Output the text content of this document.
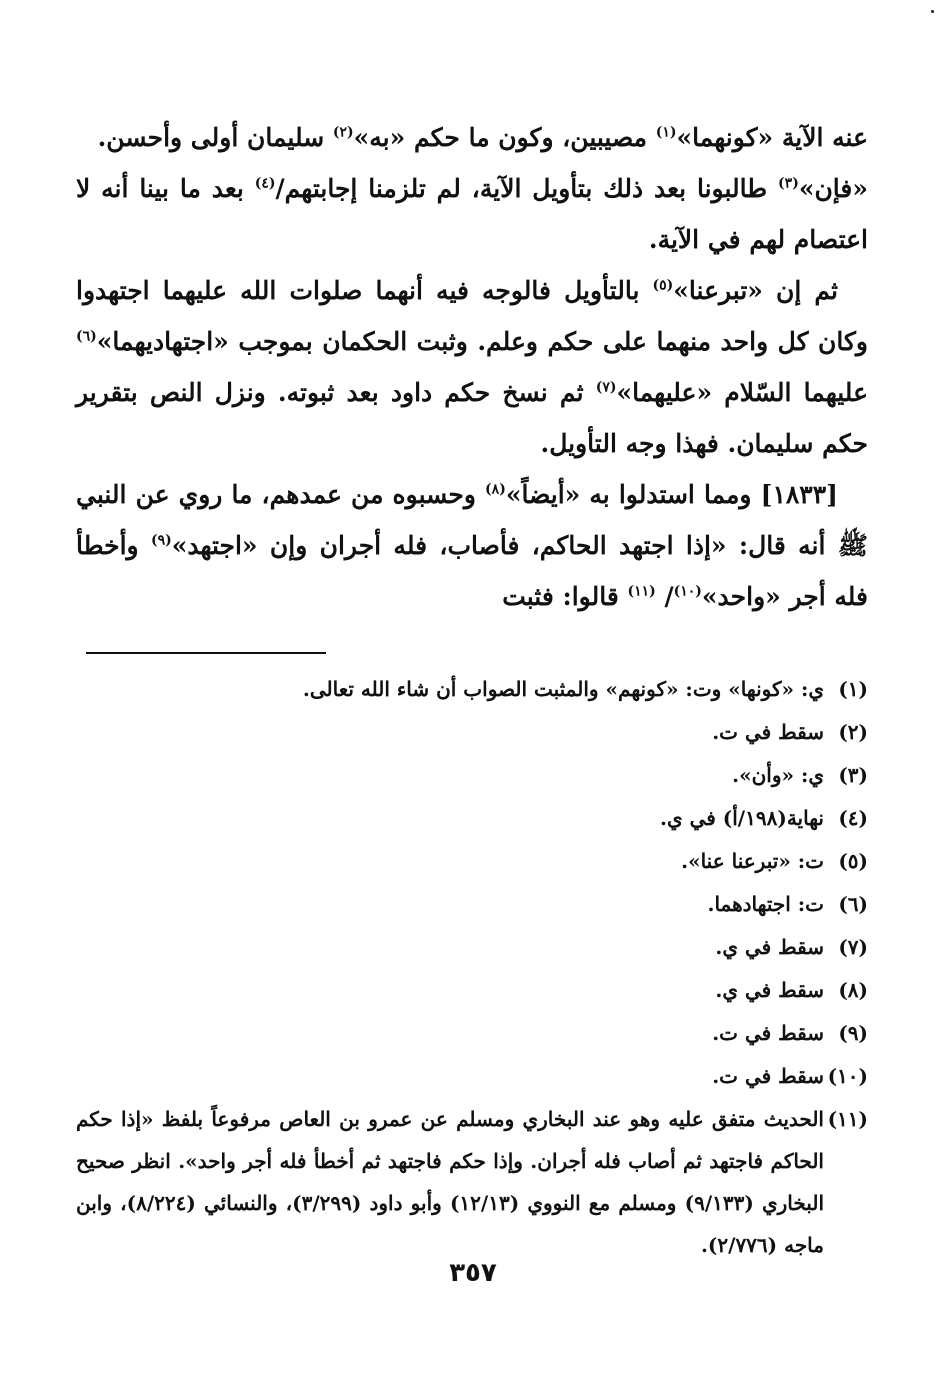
عنه الآية «كونهما»$^{(١)}$ مصيبين، وكون ما حكم «به»$^{(٢)}$ سليمان أولى وأحسن.

«فإن»$^{(٣)}$ طالبونا بعد ذلك بتأويل الآية، لم تلزمنا إجابتهم/$^{(٤)}$ بعد ما بينا أنه لا اعتصام لهم في الآية.

ثم إن «تبرعنا»$^{(٥)}$ بالتأويل فالوجه فيه أنهما صلوات الله عليهما اجتهدوا وكان كل واحد منهما على حكم وعلم. وثبت الحكمان بموجب «اجتهاديهما»$^{(٦)}$ عليهما السّلام «عليهما»$^{(٧)}$ ثم نسخ حكم داود بعد ثبوته. ونزل النص بتقرير حكم سليمان. فهذا وجه التأويل.

[١٨٣٣] ومما استدلوا به «أيضاً»$^{(٨)}$ وحسبوه من عمدهم، ما روي عن النبي ﷺ أنه قال: «إذا اجتهد الحاكم، فأصاب، فله أجران وإن «اجتهد»$^{(٩)}$ وأخطأ فله أجر «واحد»$^{(١٠)}$/ $^{(١١)}$ قالوا: فثبت

(١)
ي: «كونها» وت: «كونهم» والمثبت الصواب أن شاء الله تعالى.
(٢)
سقط في ت.
(٣)
ي: «وأن».
(٤)
نهاية(١٩٨/أ) في ي.
(٥)
ت: «تبرعنا عنا».
(٦)
ت: اجتهادهما.
(٧)
سقط في ي.
(٨)
سقط في ي.
(٩)
سقط في ت.
(١٠)
سقط في ت.
(١١)
الحديث متفق عليه وهو عند البخاري ومسلم عن عمرو بن العاص مرفوعاً بلفظ «إذا حكم الحاكم فاجتهد ثم أصاب فله أجران. وإذا حكم فاجتهد ثم أخطأ فله أجر واحد». انظر صحيح البخاري (٩/١٣٣) ومسلم مع النووي (١٢/١٣) وأبو داود (٣/٢٩٩)، والنسائي (٨/٢٢٤)، وابن ماجه (٢/٧٧٦).
٣٥٧
